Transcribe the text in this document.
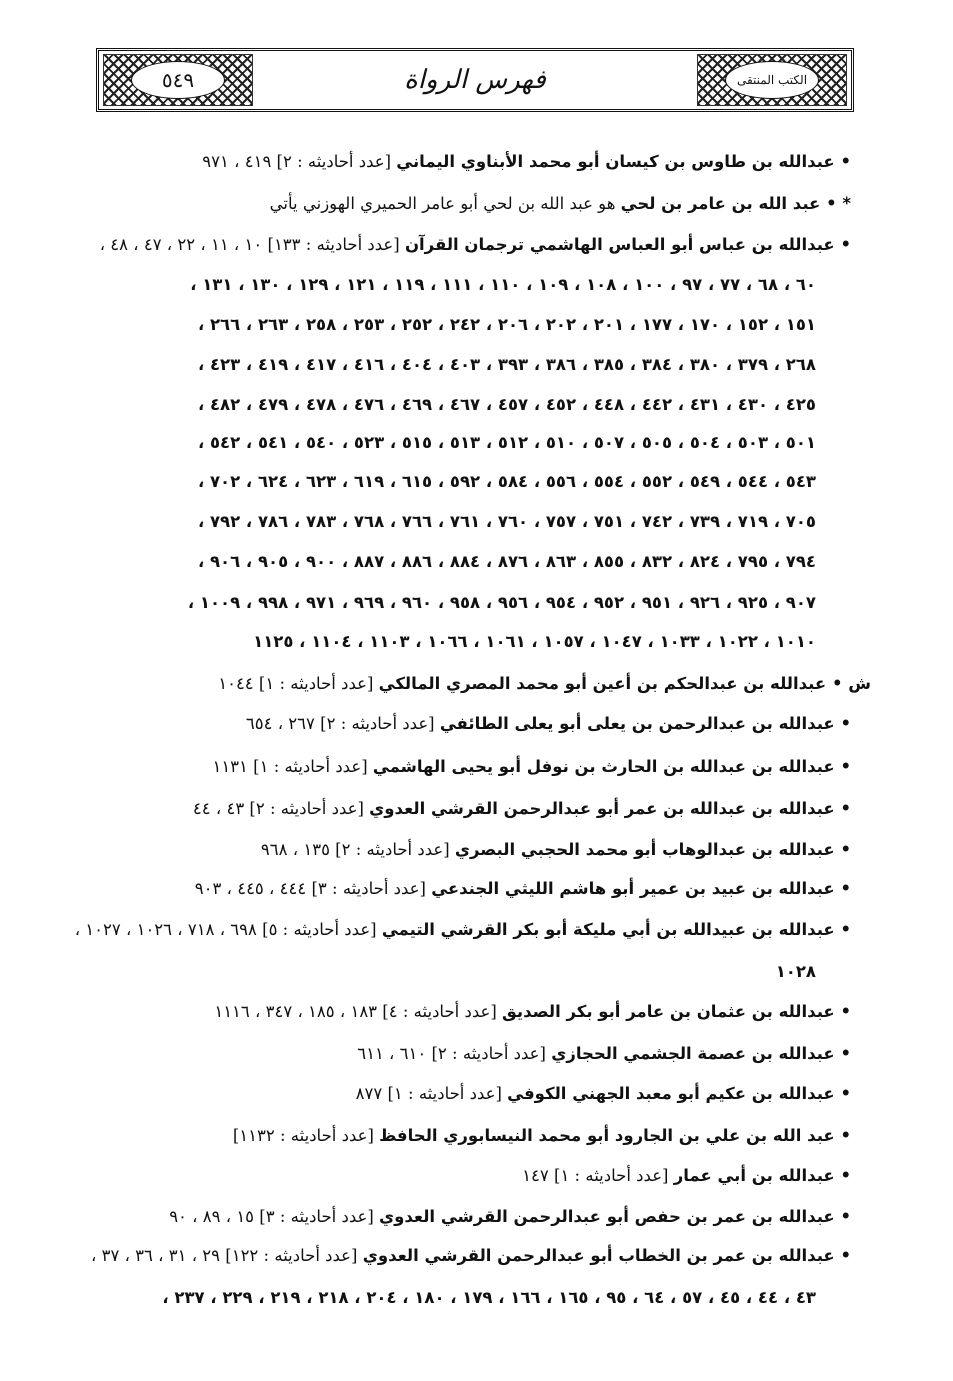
٥٤٩	فهرس الرواة	الكتب المنتقى
• عبدالله بن طاوس بن كيسان أبو محمد الأبناوي اليماني [عدد أحاديثه : ٢] ٤١٩ ، ٩٧١
* • عبد الله بن عامر بن لحي هو عبد الله بن لحي أبو عامر الحميري الهوزني يأتي
• عبدالله بن عباس أبو العباس الهاشمي ترجمان القرآن [عدد أحاديثه : ١٣٣] ١٠ ، ١١ ، ٢٢ ، ٤٧ ، ٤٨ ،
٦٠ ، ٦٨ ، ٧٧ ، ٩٧ ، ١٠٠ ، ١٠٨ ، ١٠٩ ، ١١٠ ، ١١١ ، ١١٩ ، ١٢١ ، ١٢٩ ، ١٣٠ ، ١٣١ ،
١٥١ ، ١٥٢ ، ١٧٠ ، ١٧٧ ، ٢٠١ ، ٢٠٢ ، ٢٠٦ ، ٢٤٢ ، ٢٥٢ ، ٢٥٣ ، ٢٥٨ ، ٢٦٣ ، ٢٦٦ ،
٢٦٨ ، ٣٧٩ ، ٣٨٠ ، ٣٨٤ ، ٣٨٥ ، ٣٨٦ ، ٣٩٣ ، ٤٠٣ ، ٤٠٤ ، ٤١٦ ، ٤١٧ ، ٤١٩ ، ٤٢٣ ،
٤٢٥ ، ٤٣٠ ، ٤٣١ ، ٤٤٢ ، ٤٤٨ ، ٤٥٢ ، ٤٥٧ ، ٤٦٧ ، ٤٦٩ ، ٤٧٦ ، ٤٧٨ ، ٤٧٩ ، ٤٨٢ ،
٥٠١ ، ٥٠٣ ، ٥٠٤ ، ٥٠٥ ، ٥٠٧ ، ٥١٠ ، ٥١٢ ، ٥١٣ ، ٥١٥ ، ٥٢٣ ، ٥٤٠ ، ٥٤١ ، ٥٤٢ ،
٥٤٣ ، ٥٤٤ ، ٥٤٩ ، ٥٥٢ ، ٥٥٤ ، ٥٥٦ ، ٥٨٤ ، ٥٩٢ ، ٦١٥ ، ٦١٩ ، ٦٢٣ ، ٦٢٤ ، ٧٠٢ ،
٧٠٥ ، ٧١٩ ، ٧٣٩ ، ٧٤٢ ، ٧٥١ ، ٧٥٧ ، ٧٦٠ ، ٧٦١ ، ٧٦٦ ، ٧٦٨ ، ٧٨٣ ، ٧٨٦ ، ٧٩٢ ،
٧٩٤ ، ٧٩٥ ، ٨٢٤ ، ٨٣٢ ، ٨٥٥ ، ٨٦٣ ، ٨٧٦ ، ٨٨٤ ، ٨٨٦ ، ٨٨٧ ، ٩٠٠ ، ٩٠٥ ، ٩٠٦ ،
٩٠٧ ، ٩٢٥ ، ٩٢٦ ، ٩٥١ ، ٩٥٢ ، ٩٥٤ ، ٩٥٦ ، ٩٥٨ ، ٩٦٠ ، ٩٦٩ ، ٩٧١ ، ٩٩٨ ، ١٠٠٩ ،
١٠١٠ ، ١٠٢٢ ، ١٠٣٣ ، ١٠٤٧ ، ١٠٥٧ ، ١٠٦١ ، ١٠٦٦ ، ١١٠٣ ، ١١٠٤ ، ١١٢٥
ش • عبدالله بن عبدالحكم بن أعين أبو محمد المصري المالكي [عدد أحاديثه : ١] ١٠٤٤
• عبدالله بن عبدالرحمن بن يعلى أبو يعلى الطائفي [عدد أحاديثه : ٢] ٢٦٧ ، ٦٥٤
• عبدالله بن عبدالله بن الحارث بن نوفل أبو يحيى الهاشمي [عدد أحاديثه : ١] ١١٣١
• عبدالله بن عبدالله بن عمر أبو عبدالرحمن القرشي العدوي [عدد أحاديثه : ٢] ٤٣ ، ٤٤
• عبدالله بن عبدالوهاب أبو محمد الحجبي البصري [عدد أحاديثه : ٢] ١٣٥ ، ٩٦٨
• عبدالله بن عبيد بن عمير أبو هاشم الليثي الجندعي [عدد أحاديثه : ٣] ٤٤٤ ، ٤٤٥ ، ٩٠٣
• عبدالله بن عبيدالله بن أبي مليكة أبو بكر القرشي التيمي [عدد أحاديثه : ٥] ٦٩٨ ، ٧١٨ ، ١٠٢٦ ، ١٠٢٧ ،
١٠٢٨
• عبدالله بن عثمان بن عامر أبو بكر الصديق [عدد أحاديثه : ٤] ١٨٣ ، ١٨٥ ، ٣٤٧ ، ١١١٦
• عبدالله بن عصمة الجشمي الحجازي [عدد أحاديثه : ٢] ٦١٠ ، ٦١١
• عبدالله بن عكيم أبو معبد الجهني الكوفي [عدد أحاديثه : ١] ٨٧٧
• عبد الله بن علي بن الجارود أبو محمد النيسابوري الحافظ [عدد أحاديثه : ١١٣٢]
• عبدالله بن أبي عمار [عدد أحاديثه : ١] ١٤٧
• عبدالله بن عمر بن حفص أبو عبدالرحمن القرشي العدوي [عدد أحاديثه : ٣] ١٥ ، ٨٩ ، ٩٠
• عبدالله بن عمر بن الخطاب أبو عبدالرحمن القرشي العدوي [عدد أحاديثه : ١٢٢] ٢٩ ، ٣١ ، ٣٦ ، ٣٧ ،
٤٣ ، ٤٤ ، ٤٥ ، ٥٧ ، ٦٤ ، ٩٥ ، ١٦٥ ، ١٦٦ ، ١٧٩ ، ١٨٠ ، ٢٠٤ ، ٢١٨ ، ٢١٩ ، ٢٢٩ ، ٢٣٧ ،
